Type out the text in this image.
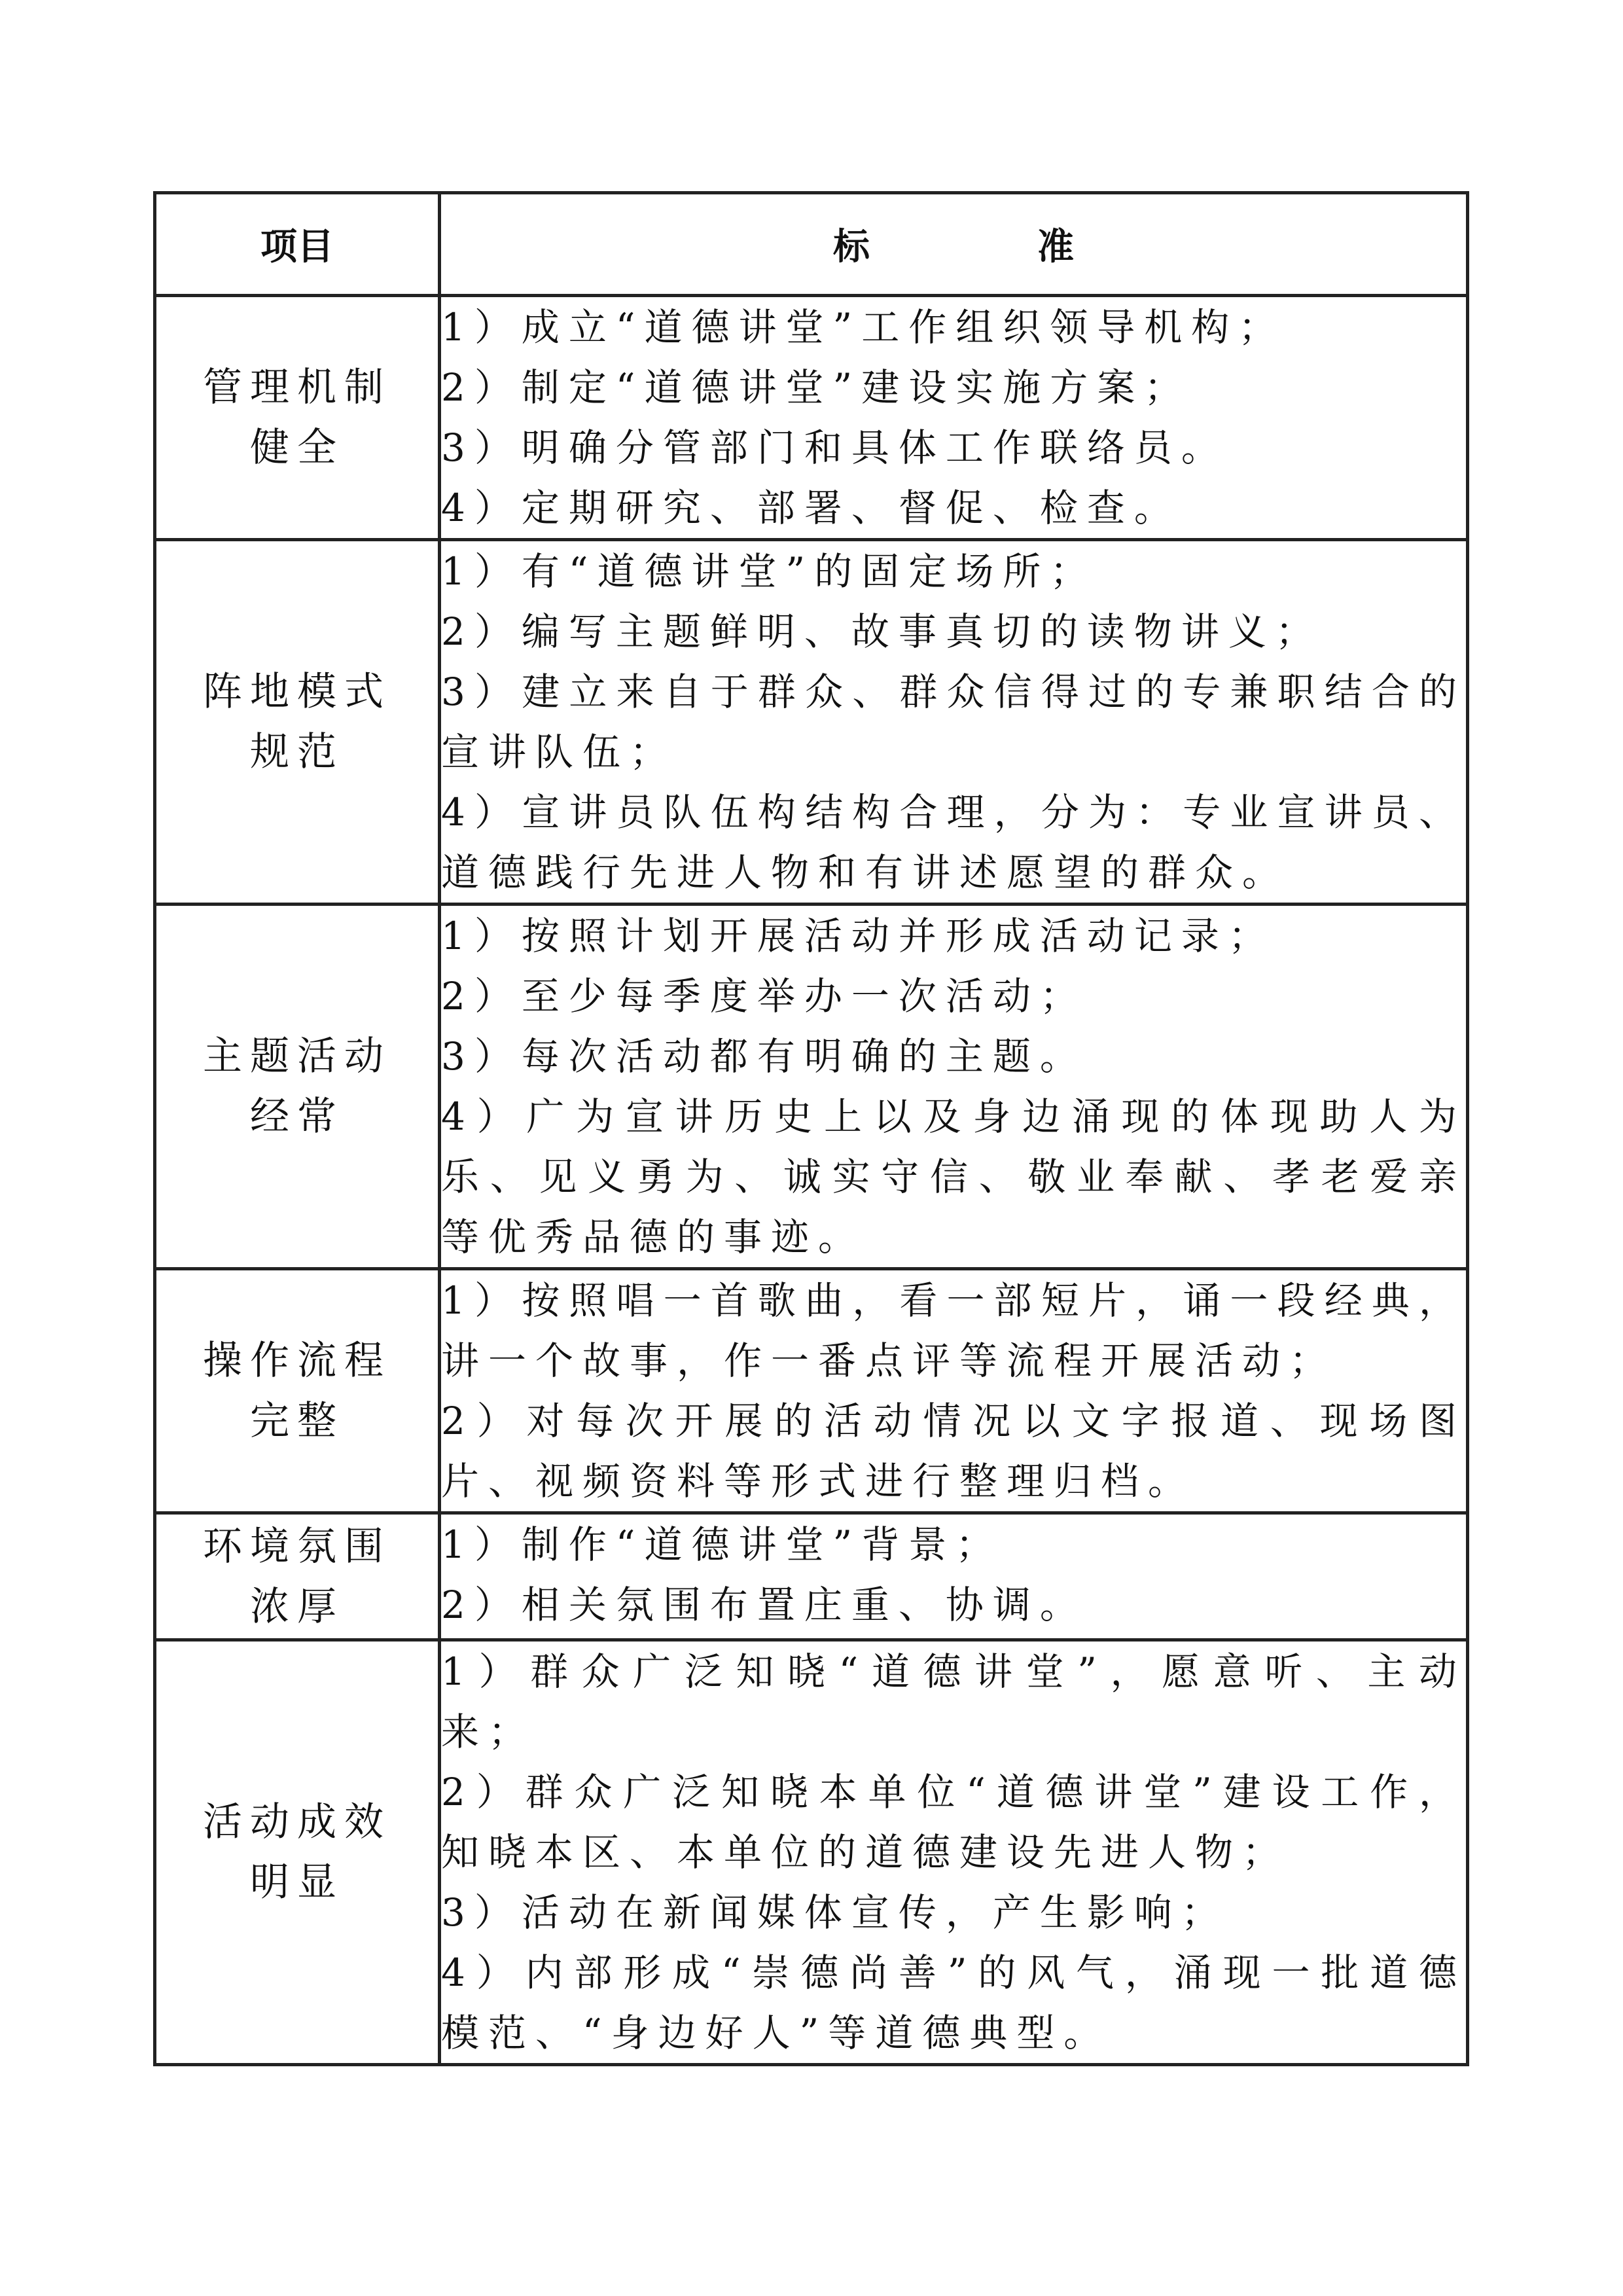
项目	标　准

管理机制
健全	1）成立“道德讲堂”工作组织领导机构；
2）制定“道德讲堂”建设实施方案；
3）明确分管部门和具体工作联络员。
4）定期研究、部署、督促、检查。

阵地模式
规范	1）有“道德讲堂”的固定场所；
2）编写主题鲜明、故事真切的读物讲义；
3）建立来自于群众、群众信得过的专兼职结合的宣讲队伍；
4）宣讲员队伍构结构合理，分为：专业宣讲员、道德践行先进人物和有讲述愿望的群众。

主题活动
经常	1）按照计划开展活动并形成活动记录；
2）至少每季度举办一次活动；
3）每次活动都有明确的主题。
4）广为宣讲历史上以及身边涌现的体现助人为乐、见义勇为、诚实守信、敬业奉献、孝老爱亲等优秀品德的事迹。

操作流程
完整	1）按照唱一首歌曲，看一部短片，诵一段经典，讲一个故事，作一番点评等流程开展活动；
2）对每次开展的活动情况以文字报道、现场图片、视频资料等形式进行整理归档。

环境氛围
浓厚	1）制作“道德讲堂”背景；
2）相关氛围布置庄重、协调。

活动成效
明显	1）群众广泛知晓“道德讲堂”，愿意听、主动来；
2）群众广泛知晓本单位“道德讲堂”建设工作，知晓本区、本单位的道德建设先进人物；
3）活动在新闻媒体宣传，产生影响；
4）内部形成“崇德尚善”的风气，涌现一批道德模范、“身边好人”等道德典型。
